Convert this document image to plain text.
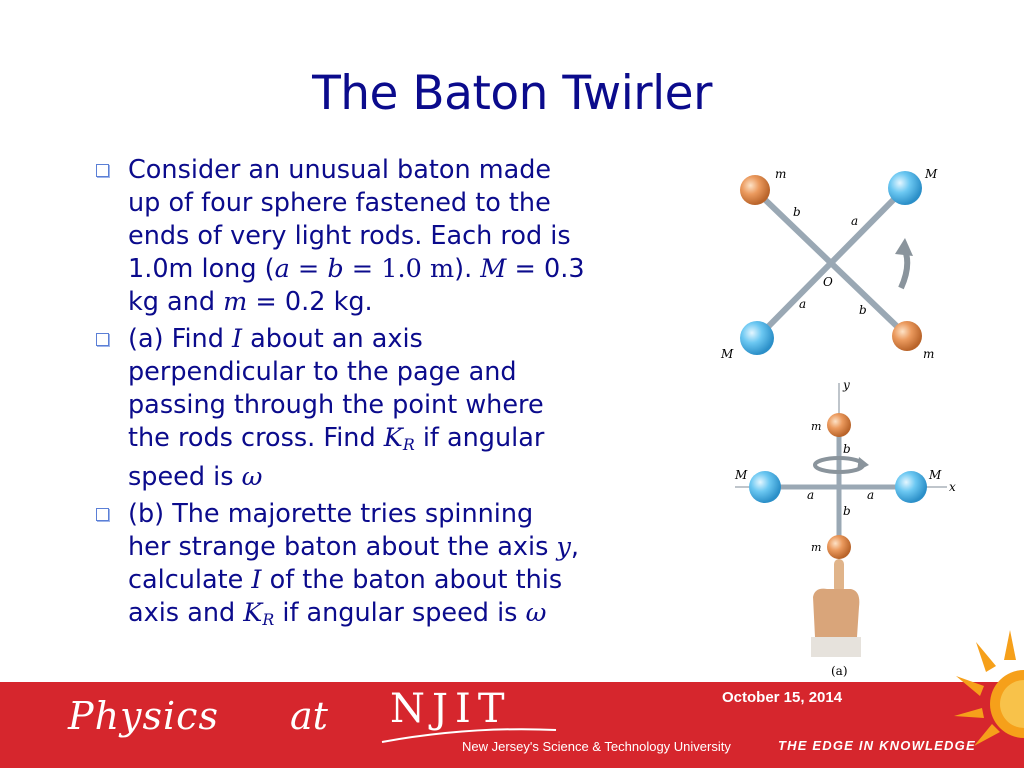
The Baton Twirler
Consider an unusual baton made
up of four sphere fastened to the
ends of very light rods. Each rod is
1.0m long (a = b = 1.0 m). M = 0.3
kg and m = 0.2 kg.
(a) Find I about an axis
perpendicular to the page and
passing through the point where
the rods cross. Find $K_R$ if angular
speed is ω
(b) The majorette tries spinning
her strange baton about the axis y,
calculate I of the baton about this
axis and $K_R$ if angular speed is ω
m	M
b
a
O
a	b
M	m
y
m
b
M	M
x
a	a
b
m
(a)
Physics at NJIT
New Jersey's Science & Technology University
October 15, 2014
THE EDGE IN KNOWLEDGE
